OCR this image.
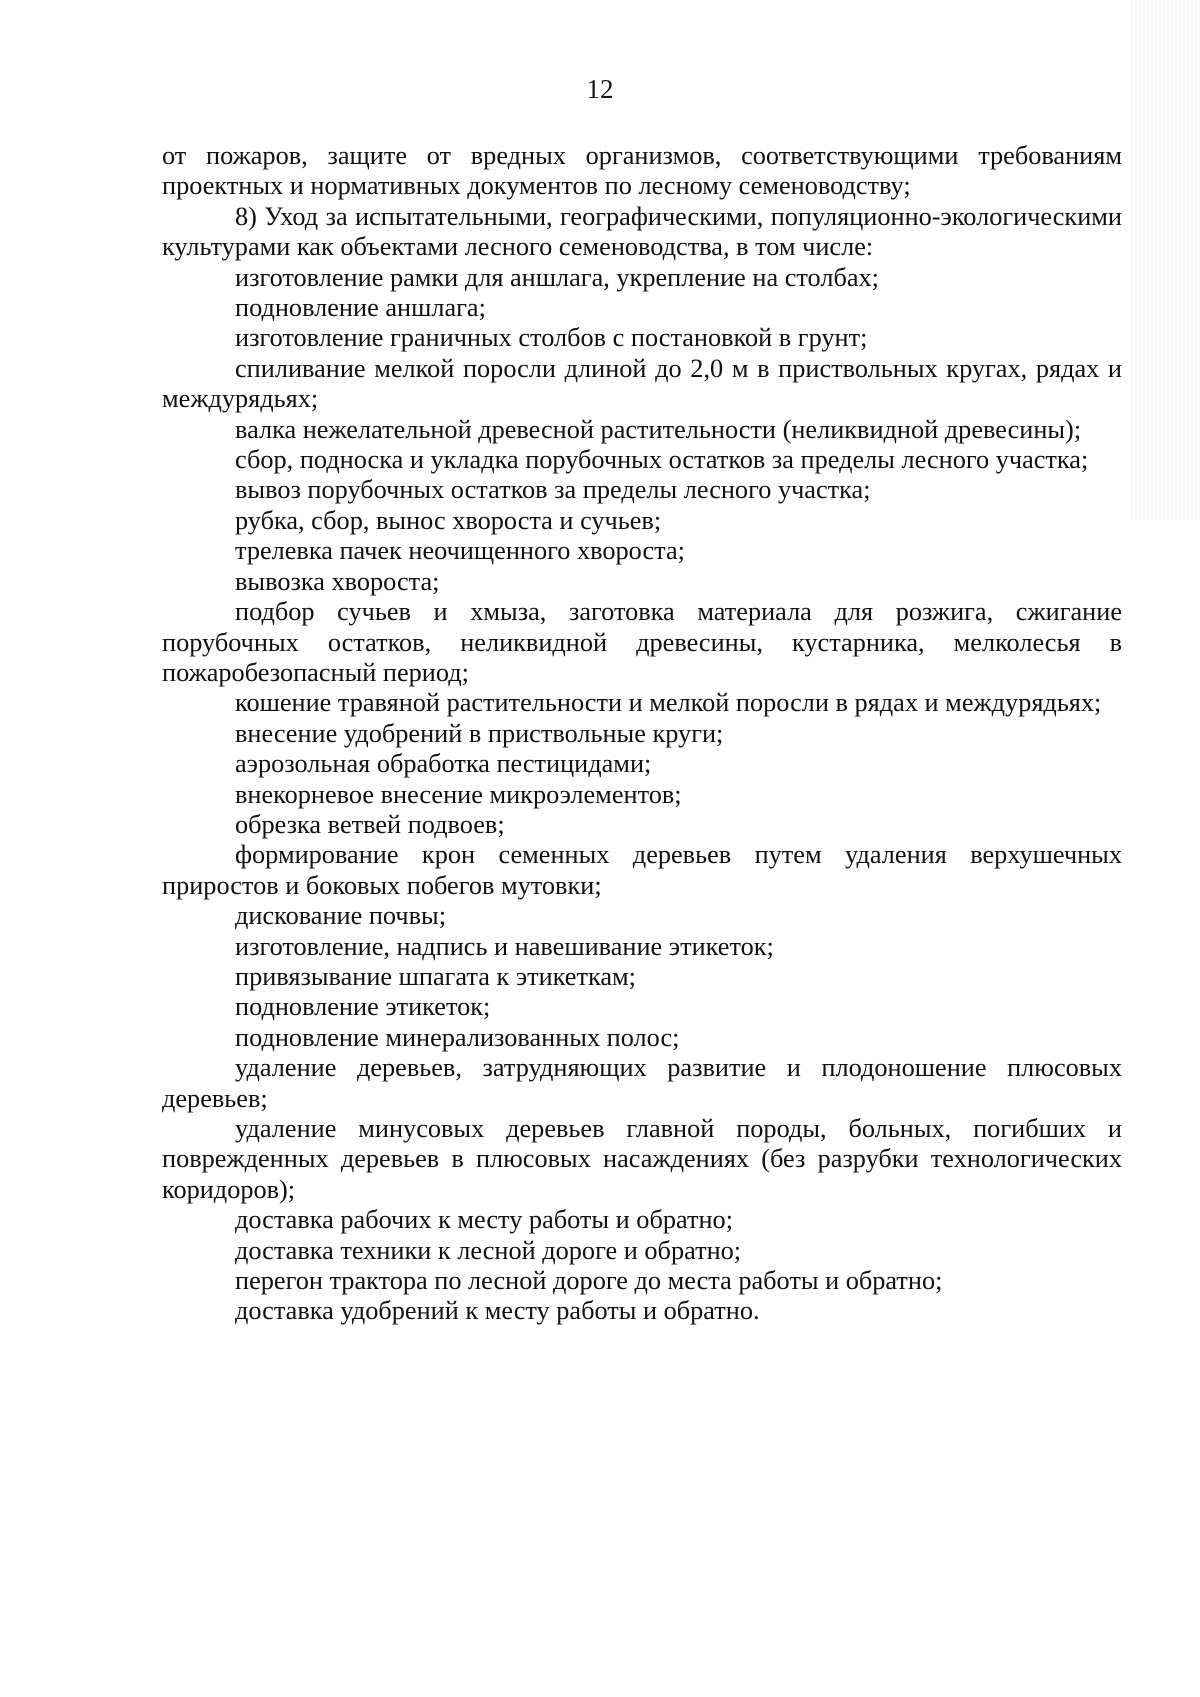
12

от пожаров, защите от вредных организмов, соответствующими требованиям проектных и нормативных документов по лесному семеноводству;

8) Уход за испытательными, географическими, популяционно-экологическими культурами как объектами лесного семеноводства, в том числе:

изготовление рамки для аншлага, укрепление на столбах;

подновление аншлага;

изготовление граничных столбов с постановкой в грунт;

спиливание мелкой поросли длиной до 2,0 м в приствольных кругах, рядах и междурядьях;

валка нежелательной древесной растительности (неликвидной древесины);

сбор, подноска и укладка порубочных остатков за пределы лесного участка;

вывоз порубочных остатков за пределы лесного участка;

рубка, сбор, вынос хвороста и сучьев;

трелевка пачек неочищенного хвороста;

вывозка хвороста;

подбор сучьев и хмыза, заготовка материала для розжига, сжигание порубочных остатков, неликвидной древесины, кустарника, мелколесья в пожаробезопасный период;

кошение травяной растительности и мелкой поросли в рядах и междурядьях;

внесение удобрений в приствольные круги;

аэрозольная обработка пестицидами;

внекорневое внесение микроэлементов;

обрезка ветвей подвоев;

формирование крон семенных деревьев путем удаления верхушечных приростов и боковых побегов мутовки;

дискование почвы;

изготовление, надпись и навешивание этикеток;

привязывание шпагата к этикеткам;

подновление этикеток;

подновление минерализованных полос;

удаление деревьев, затрудняющих развитие и плодоношение плюсовых деревьев;

удаление минусовых деревьев главной породы, больных, погибших и поврежденных деревьев в плюсовых насаждениях (без разрубки технологических коридоров);

доставка рабочих к месту работы и обратно;

доставка техники к лесной дороге и обратно;

перегон трактора по лесной дороге до места работы и обратно;

доставка удобрений к месту работы и обратно.
